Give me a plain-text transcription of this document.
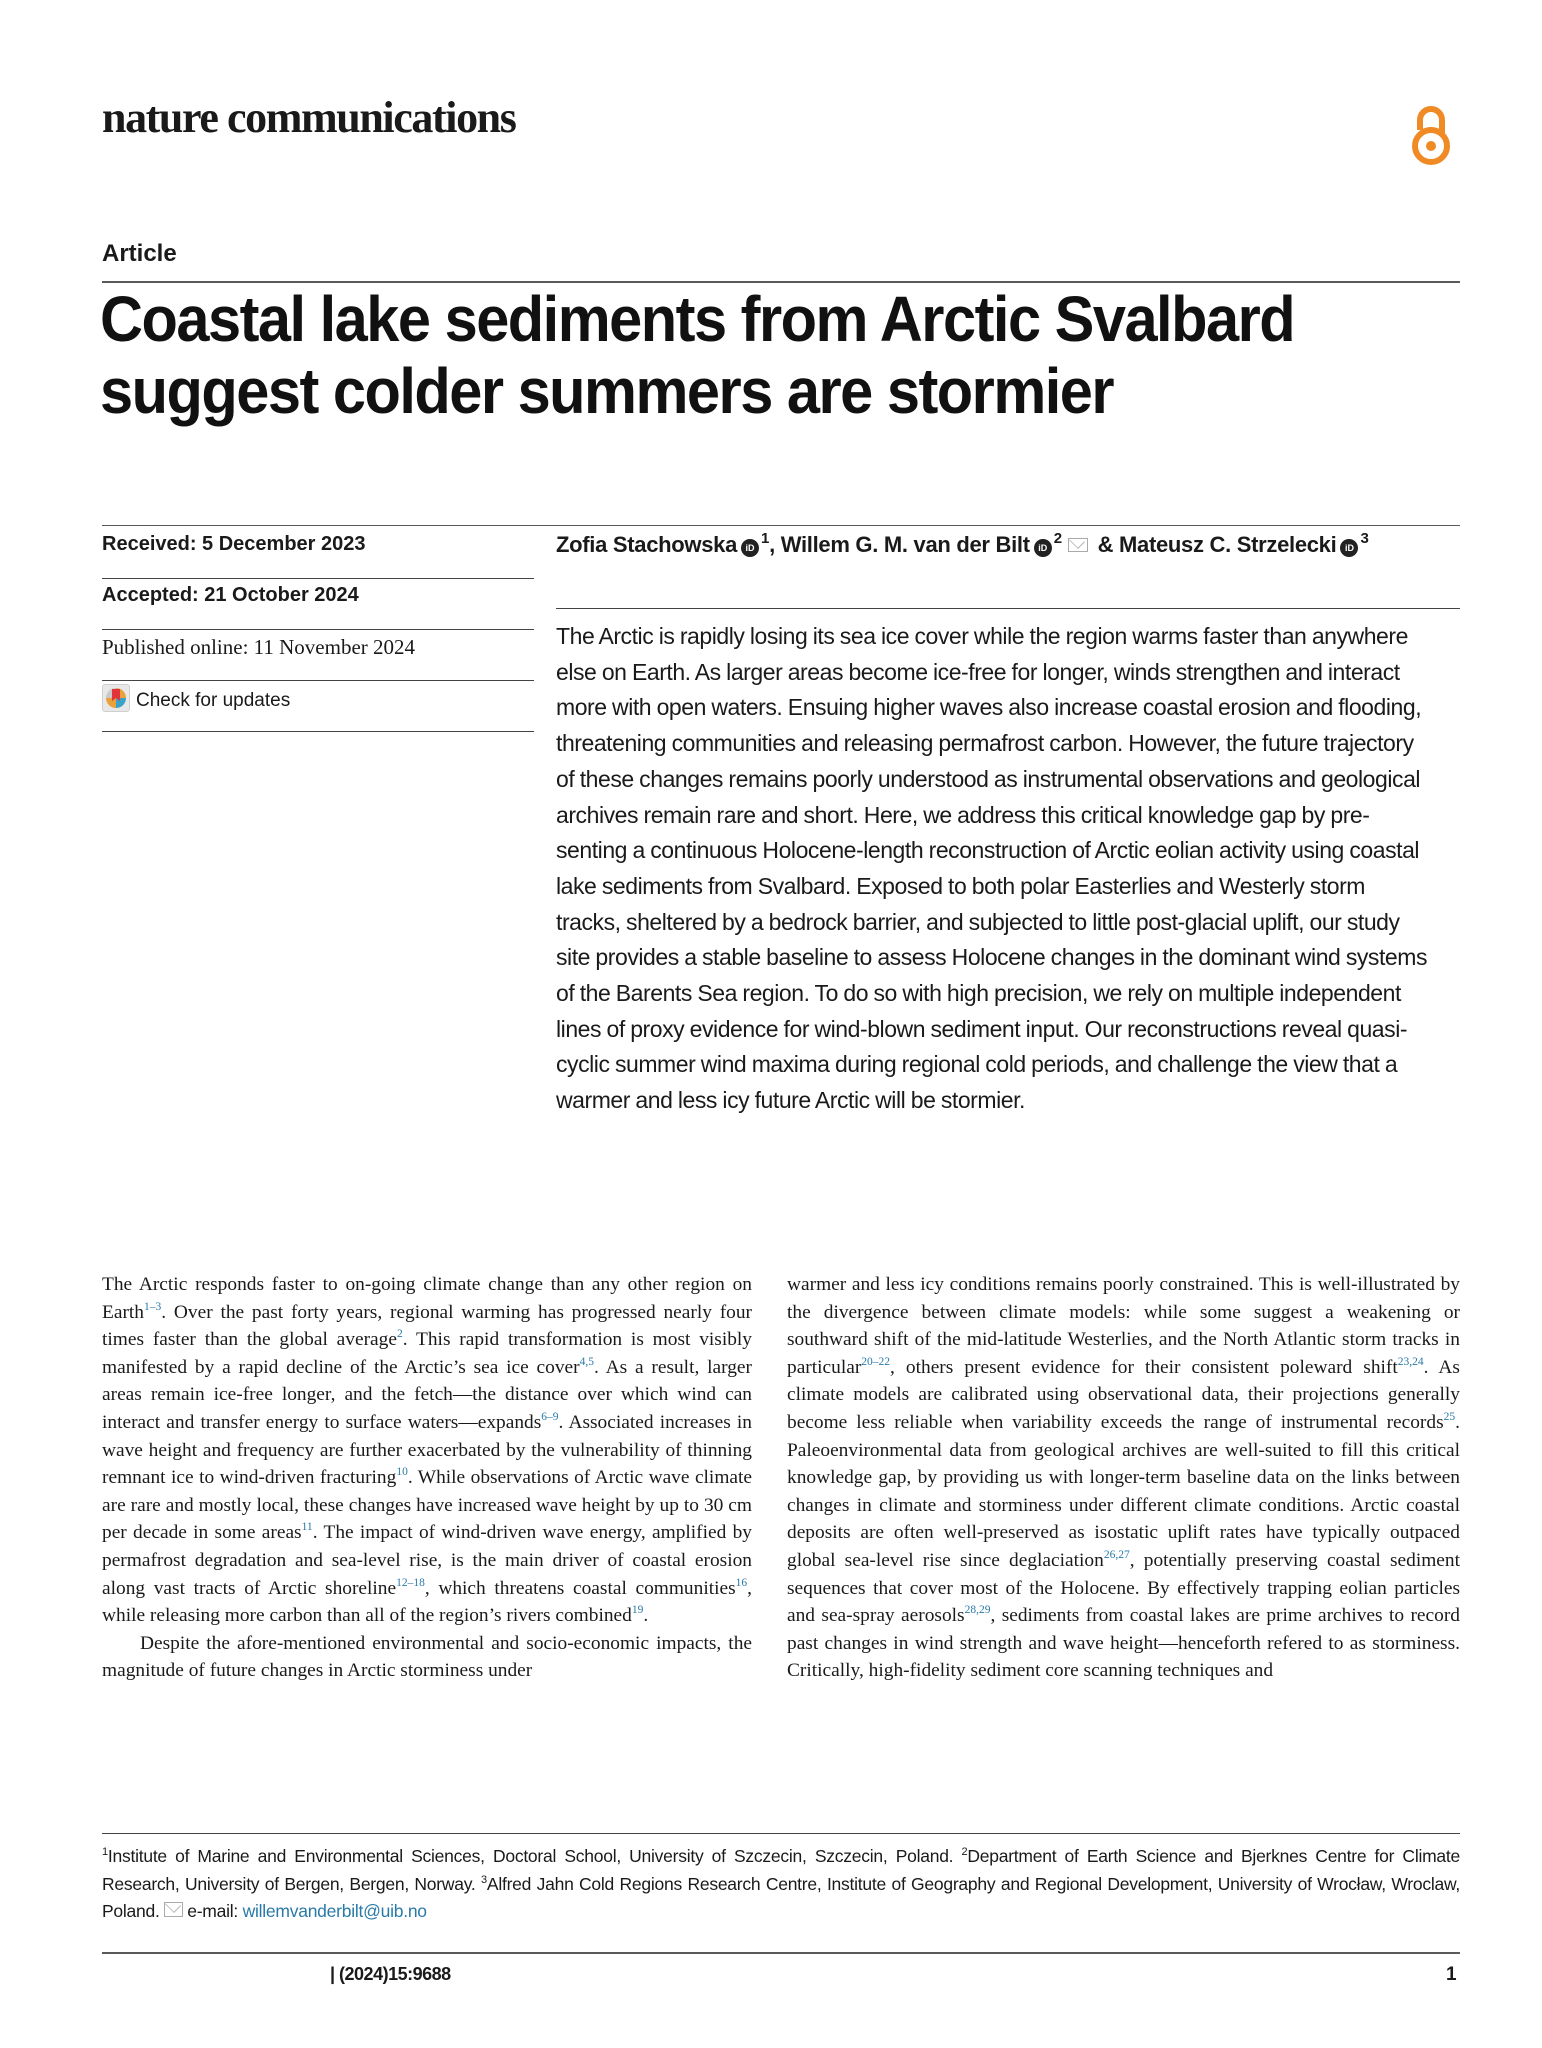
nature communications
Article
Coastal lake sediments from Arctic Svalbard suggest colder summers are stormier
Received: 5 December 2023
Accepted: 21 October 2024
Published online: 11 November 2024
Check for updates
Zofia Stachowska $iD^1$, Willem G. M. van der Bilt $iD^2$ & Mateusz C. Strzelecki $iD^3$
The Arctic is rapidly losing its sea ice cover while the region warms faster than anywhere else on Earth. As larger areas become ice-free for longer, winds strengthen and interact more with open waters. Ensuing higher waves also increase coastal erosion and flooding, threatening communities and releasing permafrost carbon. However, the future trajectory of these changes remains poorly understood as instrumental observations and geological archives remain rare and short. Here, we address this critical knowledge gap by presenting a continuous Holocene-length reconstruction of Arctic eolian activity using coastal lake sediments from Svalbard. Exposed to both polar Easterlies and Westerly storm tracks, sheltered by a bedrock barrier, and subjected to little post-glacial uplift, our study site provides a stable baseline to assess Holocene changes in the dominant wind systems of the Barents Sea region. To do so with high precision, we rely on multiple independent lines of proxy evidence for wind-blown sediment input. Our reconstructions reveal quasi-cyclic summer wind maxima during regional cold periods, and challenge the view that a warmer and less icy future Arctic will be stormier.

The Arctic responds faster to on-going climate change than any other region on Earth$^{1-3}$. Over the past forty years, regional warming has progressed nearly four times faster than the global average$^2$. This rapid transformation is most visibly manifested by a rapid decline of the Arctic’s sea ice cover$^{4,5}$. As a result, larger areas remain ice-free longer, and the fetch—the distance over which wind can interact and transfer energy to surface waters—expands$^{6-9}$. Associated increases in wave height and frequency are further exacerbated by the vulnerability of thinning remnant ice to wind-driven fracturing$^{10}$. While observations of Arctic wave climate are rare and mostly local, these changes have increased wave height by up to 30 cm per decade in some areas$^{11}$. The impact of wind-driven wave energy, amplified by permafrost degradation and sea-level rise, is the main driver of coastal erosion along vast tracts of Arctic shoreline$^{12-18}$, which threatens coastal communities$^{16}$, while releasing more carbon than all of the region’s rivers combined$^{19}$.

Despite the afore-mentioned environmental and socio-economic impacts, the magnitude of future changes in Arctic storminess under

warmer and less icy conditions remains poorly constrained. This is well-illustrated by the divergence between climate models: while some suggest a weakening or southward shift of the mid-latitude Westerlies, and the North Atlantic storm tracks in particular$^{20-22}$, others present evidence for their consistent poleward shift$^{23,24}$. As climate models are calibrated using observational data, their projections generally become less reliable when variability exceeds the range of instrumental records$^{25}$. Paleoenvironmental data from geological archives are well-suited to fill this critical knowledge gap, by providing us with longer-term baseline data on the links between changes in climate and storminess under different climate conditions. Arctic coastal deposits are often well-preserved as isostatic uplift rates have typically outpaced global sea-level rise since deglaciation$^{26,27}$, potentially preserving coastal sediment sequences that cover most of the Holocene. By effectively trapping eolian particles and sea-spray aerosols$^{28,29}$, sediments from coastal lakes are prime archives to record past changes in wind strength and wave height—henceforth refered to as storminess. Critically, high-fidelity sediment core scanning techniques and

$^1$Institute of Marine and Environmental Sciences, Doctoral School, University of Szczecin, Szczecin, Poland. $^2$Department of Earth Science and Bjerknes Centre for Climate Research, University of Bergen, Bergen, Norway. $^3$Alfred Jahn Cold Regions Research Centre, Institute of Geography and Regional Development, University of Wrocław, Wroclaw, Poland. e-mail: willemvanderbilt@uib.no
| (2024)15:9688	1
